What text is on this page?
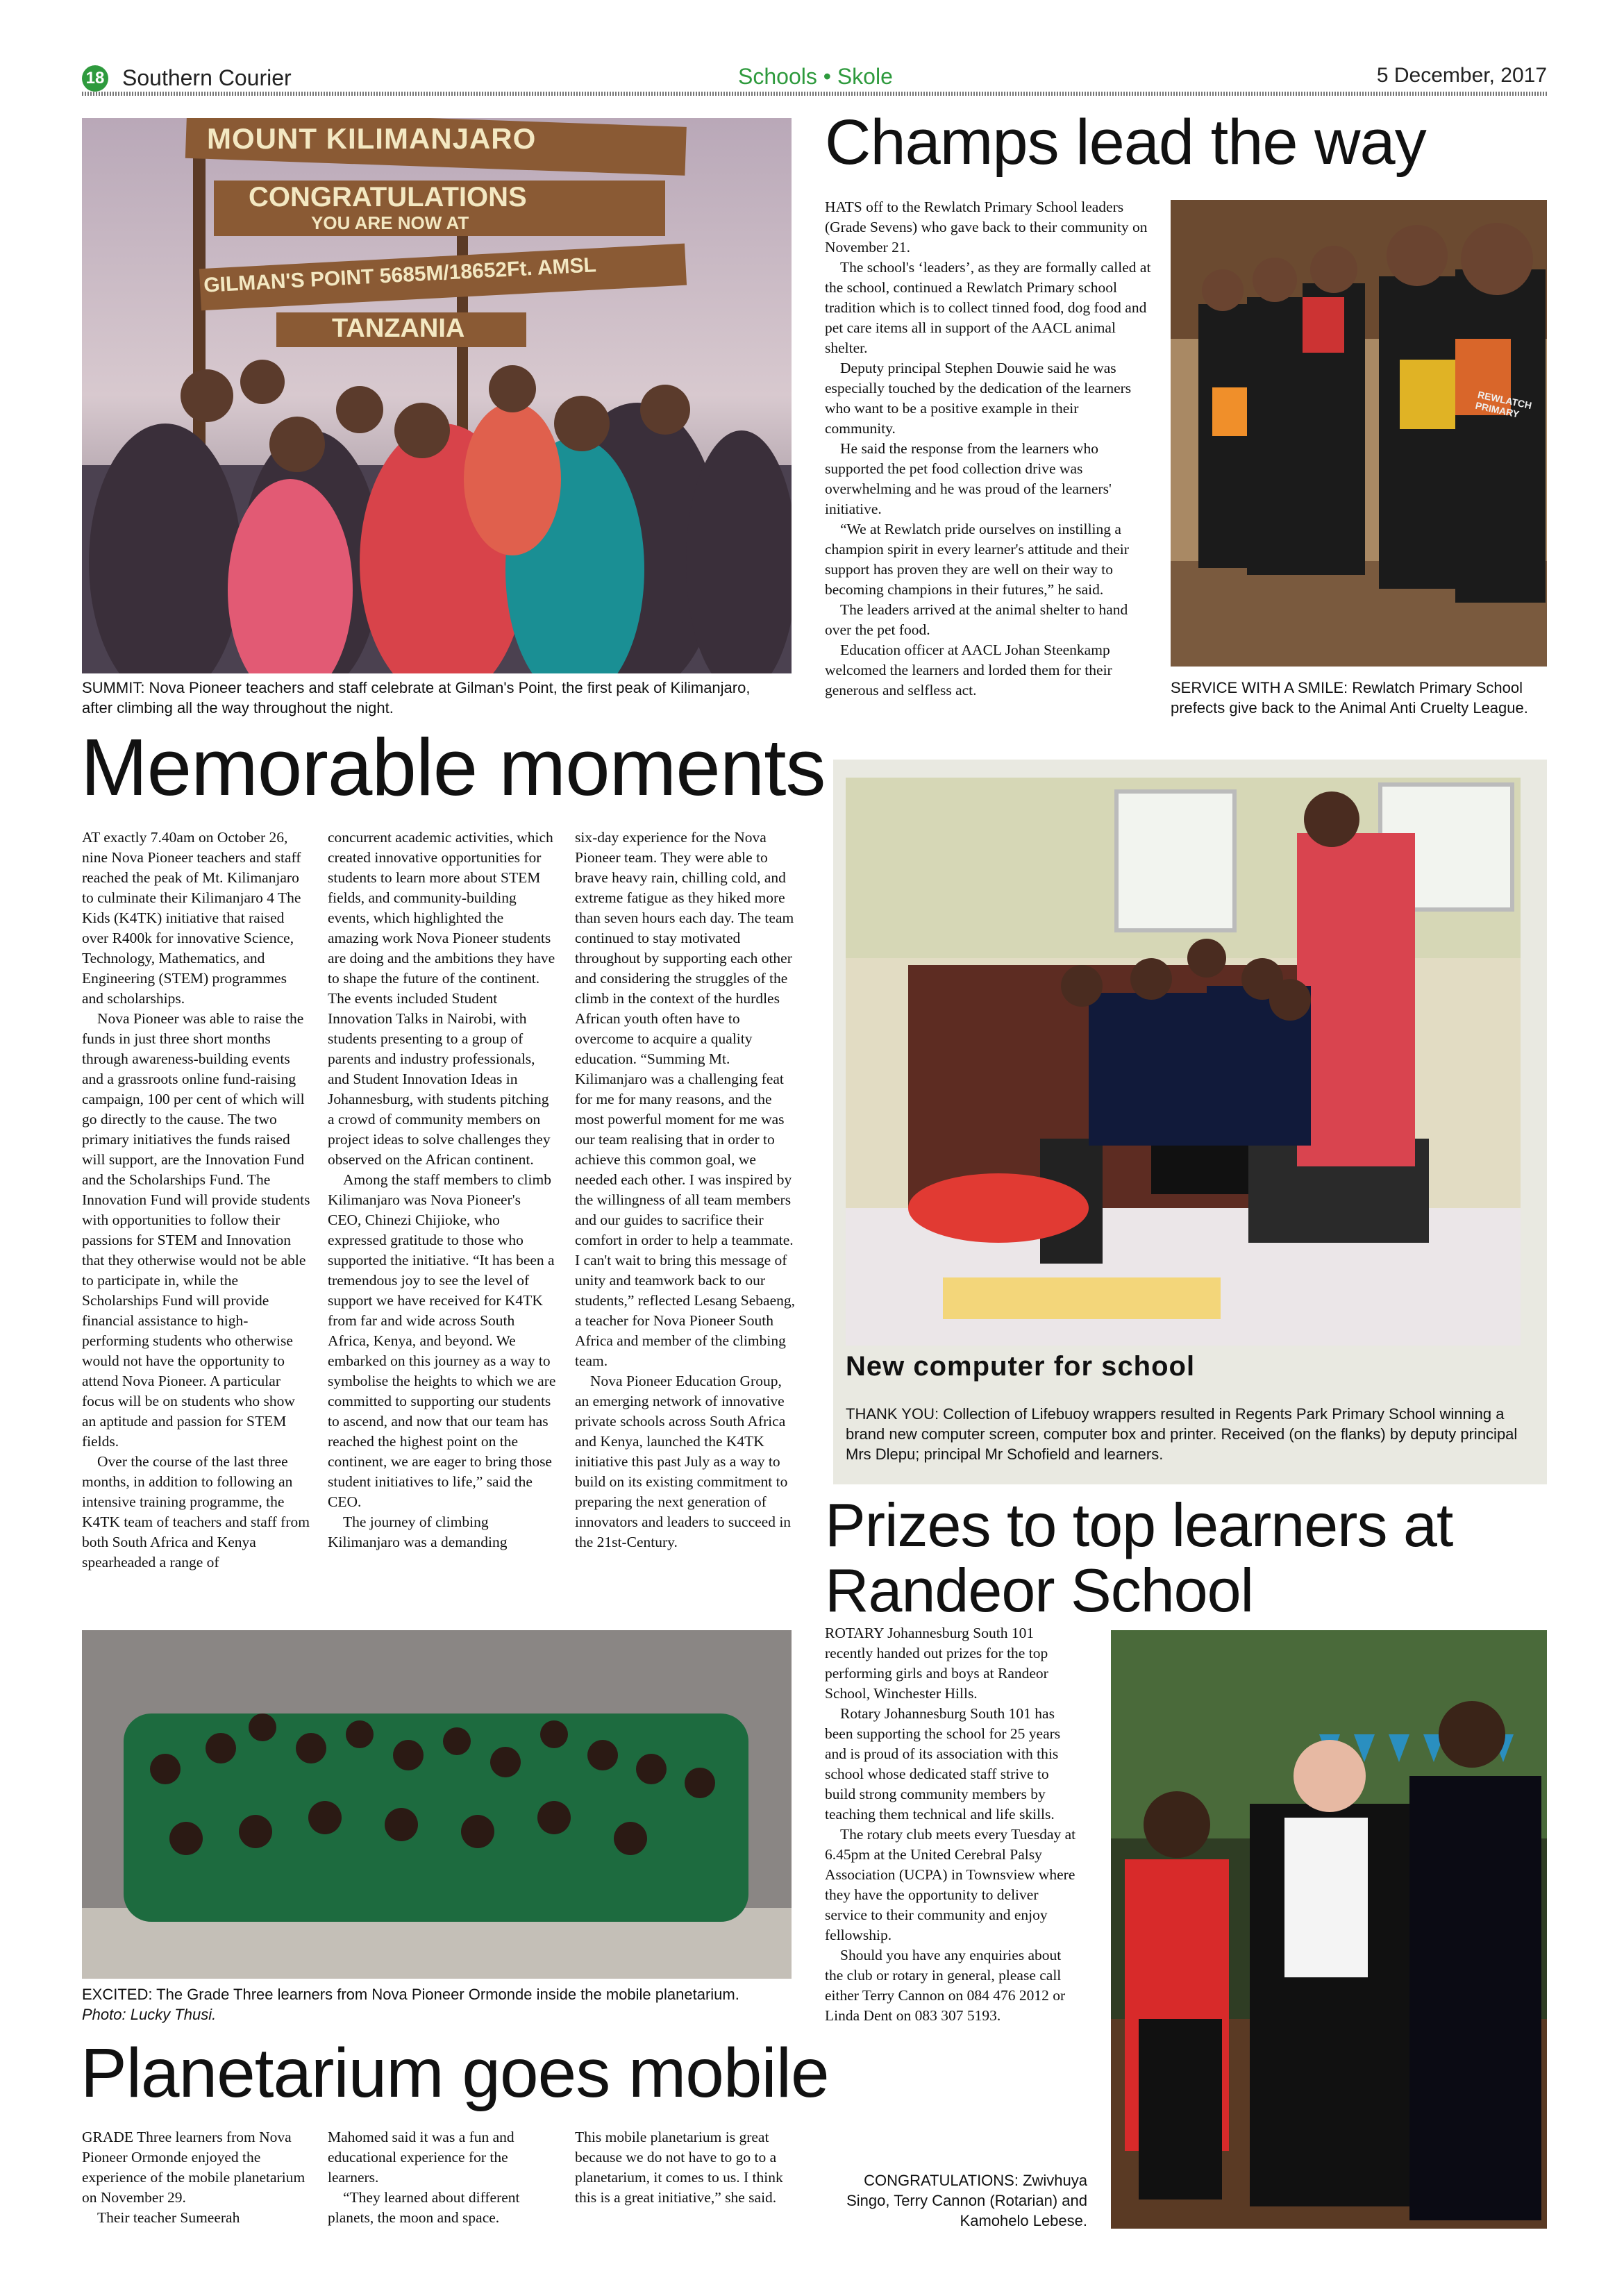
18 Southern Courier	Schools • Skole	5 December, 2017
MOUNT KILIMANJARO
CONGRATULATIONS
YOU ARE NOW AT
GILMAN'S POINT 5685M/18652Ft. AMSL
TANZANIA
SUMMIT: Nova Pioneer teachers and staff celebrate at Gilman's Point, the first peak of Kilimanjaro, after climbing all the way throughout the night.
Memorable moments

AT exactly 7.40am on October 26, nine Nova Pioneer teachers and staff reached the peak of Mt. Kilimanjaro to culminate their Kilimanjaro 4 The Kids (K4TK) initiative that raised over R400k for innovative Science, Technology, Mathematics, and Engineering (STEM) programmes and scholarships.

Nova Pioneer was able to raise the funds in just three short months through awareness-building events and a grassroots online fund-raising campaign, 100 per cent of which will go directly to the cause. The two primary initiatives the funds raised will support, are the Innovation Fund and the Scholarships Fund. The Innovation Fund will provide students with opportunities to follow their passions for STEM and Innovation that they otherwise would not be able to participate in, while the Scholarships Fund will provide financial assistance to high-performing students who otherwise would not have the opportunity to attend Nova Pioneer. A particular focus will be on students who show an aptitude and passion for STEM fields.

Over the course of the last three months, in addition to following an intensive training programme, the K4TK team of teachers and staff from both South Africa and Kenya spearheaded a range of

concurrent academic activities, which created innovative opportunities for students to learn more about STEM fields, and community-building events, which highlighted the amazing work Nova Pioneer students are doing and the ambitions they have to shape the future of the continent. The events included Student Innovation Talks in Nairobi, with students presenting to a group of parents and industry professionals, and Student Innovation Ideas in Johannesburg, with students pitching a crowd of community members on project ideas to solve challenges they observed on the African continent.

Among the staff members to climb Kilimanjaro was Nova Pioneer's CEO, Chinezi Chijioke, who expressed gratitude to those who supported the initiative. “It has been a tremendous joy to see the level of support we have received for K4TK from far and wide across South Africa, Kenya, and beyond. We embarked on this journey as a way to symbolise the heights to which we are committed to supporting our students to ascend, and now that our team has reached the highest point on the continent, we are eager to bring those student initiatives to life,” said the CEO.

The journey of climbing Kilimanjaro was a demanding

six-day experience for the Nova Pioneer team. They were able to brave heavy rain, chilling cold, and extreme fatigue as they hiked more than seven hours each day. The team continued to stay motivated throughout by supporting each other and considering the struggles of the climb in the context of the hurdles African youth often have to overcome to acquire a quality education. “Summing Mt. Kilimanjaro was a challenging feat for me for many reasons, and the most powerful moment for me was our team realising that in order to achieve this common goal, we needed each other. I was inspired by the willingness of all team members and our guides to sacrifice their comfort in order to help a teammate. I can't wait to bring this message of unity and teamwork back to our students,” reflected Lesang Sebaeng, a teacher for Nova Pioneer South Africa and member of the climbing team.

Nova Pioneer Education Group, an emerging network of innovative private schools across South Africa and Kenya, launched the K4TK initiative this past July as a way to build on its existing commitment to preparing the next generation of innovators and leaders to succeed in the 21st-Century.

Champs lead the way

HATS off to the Rewlatch Primary School leaders (Grade Sevens) who gave back to their community on November 21.

The school's ‘leaders’, as they are formally called at the school, continued a Rewlatch Primary school tradition which is to collect tinned food, dog food and pet care items all in support of the AACL animal shelter.

Deputy principal Stephen Douwie said he was especially touched by the dedication of the learners who want to be a positive example in their community.

He said the response from the learners who supported the pet food collection drive was overwhelming and he was proud of the learners' initiative.

“We at Rewlatch pride ourselves on instilling a champion spirit in every learner's attitude and their support has proven they are well on their way to becoming champions in their futures,” he said.

The leaders arrived at the animal shelter to hand over the pet food.

Education officer at AACL Johan Steenkamp welcomed the learners and lorded them for their generous and selfless act.

REWLATCH PRIMARY
SERVICE WITH A SMILE: Rewlatch Primary School prefects give back to the Animal Anti Cruelty League.
New computer for school
THANK YOU: Collection of Lifebuoy wrappers resulted in Regents Park Primary School winning a brand new computer screen, computer box and printer. Received (on the flanks) by deputy principal Mrs Dlepu; principal Mr Schofield and learners.
Prizes to top learners at Randeor School

ROTARY Johannesburg South 101 recently handed out prizes for the top performing girls and boys at Randeor School, Winchester Hills.

Rotary Johannesburg South 101 has been supporting the school for 25 years and is proud of its association with this school whose dedicated staff strive to build strong community members by teaching them technical and life skills.

The rotary club meets every Tuesday at 6.45pm at the United Cerebral Palsy Association (UCPA) in Townsview where they have the opportunity to deliver service to their community and enjoy fellowship.

Should you have any enquiries about the club or rotary in general, please call either Terry Cannon on 084 476 2012 or Linda Dent on 083 307 5193.

CONGRATULATIONS: Zwivhuya Singo, Terry Cannon (Rotarian) and Kamohelo Lebese.
EXCITED: The Grade Three learners from Nova Pioneer Ormonde inside the mobile planetarium. Photo: Lucky Thusi.
Planetarium goes mobile

GRADE Three learners from Nova Pioneer Ormonde enjoyed the experience of the mobile planetarium on November 29.

Their teacher Sumeerah

Mahomed said it was a fun and educational experience for the learners.

“They learned about different planets, the moon and space.

This mobile planetarium is great because we do not have to go to a planetarium, it comes to us. I think this is a great initiative,” she said.
